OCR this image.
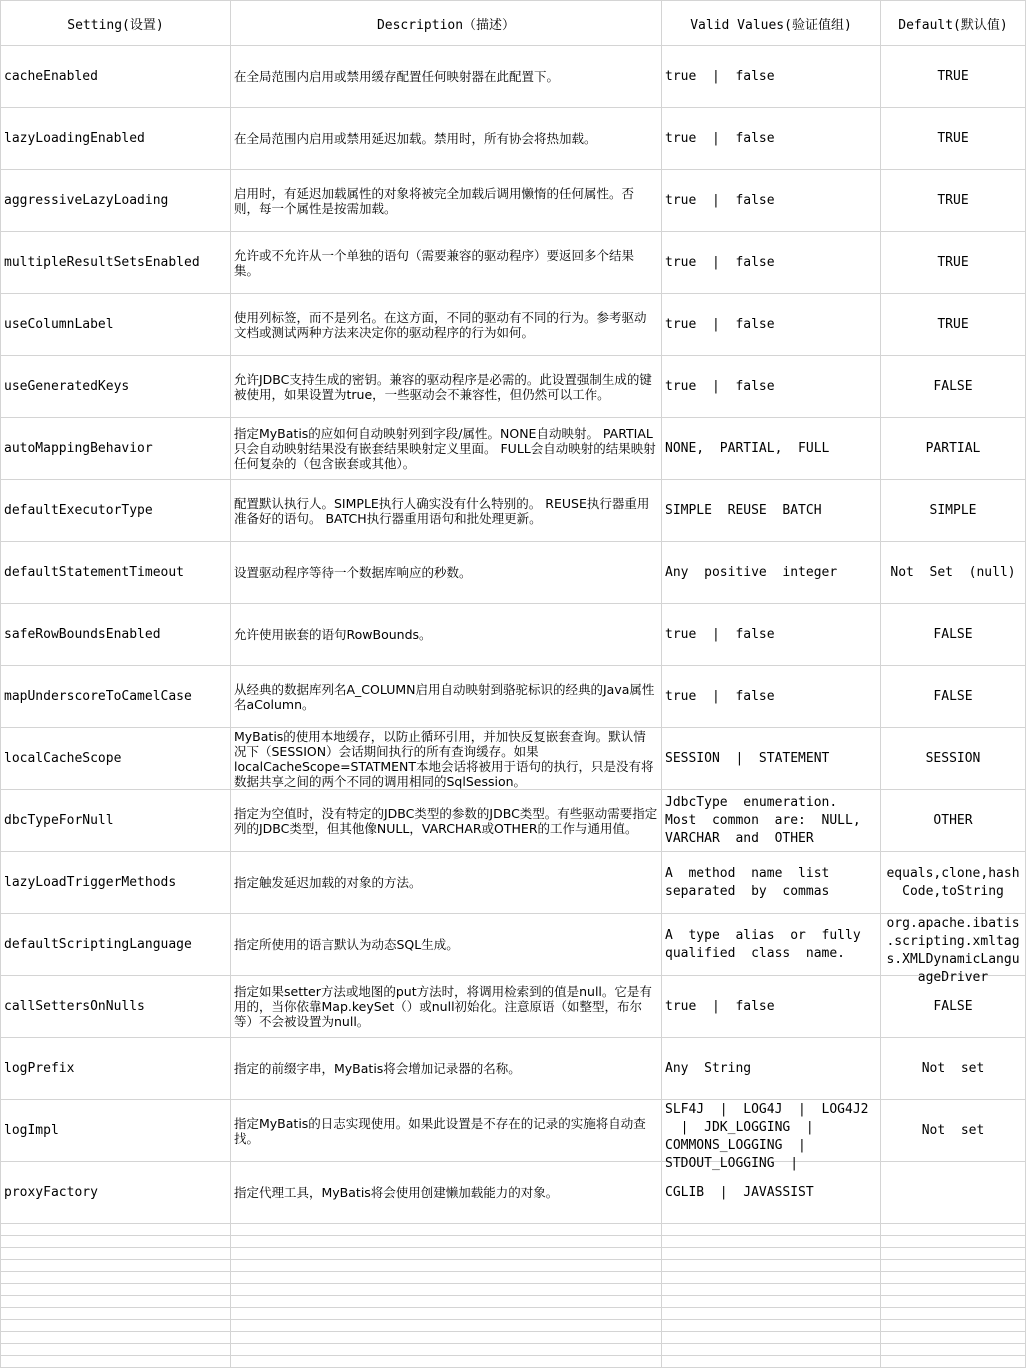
Setting(设置)	Description（描述）	Valid Values(验证值组)	Default(默认值)

cacheEnabled	在全局范围内启用或禁用缓存配置任何映射器在此配置下。	true  |  false	TRUE

lazyLoadingEnabled	在全局范围内启用或禁用延迟加载。禁用时，所有协会将热加载。	true  |  false	TRUE

aggressiveLazyLoading	启用时，有延迟加载属性的对象将被完全加载后调用懒惰的任何属性。否则，每一个属性是按需加载。	true  |  false	TRUE

multipleResultSetsEnabled	允许或不允许从一个单独的语句（需要兼容的驱动程序）要返回多个结果集。	true  |  false	TRUE

useColumnLabel	使用列标签，而不是列名。在这方面，不同的驱动有不同的行为。参考驱动文档或测试两种方法来决定你的驱动程序的行为如何。	true  |  false	TRUE

useGeneratedKeys	允许JDBC支持生成的密钥。兼容的驱动程序是必需的。此设置强制生成的键被使用，如果设置为true，一些驱动会不兼容性，但仍然可以工作。	true  |  false	FALSE

autoMappingBehavior	指定MyBatis的应如何自动映射列到字段/属性。NONE自动映射。 PARTIAL只会自动映射结果没有嵌套结果映射定义里面。 FULL会自动映射的结果映射任何复杂的（包含嵌套或其他）。	NONE,  PARTIAL,  FULL	PARTIAL

defaultExecutorType	配置默认执行人。SIMPLE执行人确实没有什么特别的。 REUSE执行器重用准备好的语句。 BATCH执行器重用语句和批处理更新。	SIMPLE  REUSE  BATCH	SIMPLE

defaultStatementTimeout	设置驱动程序等待一个数据库响应的秒数。	Any  positive  integer	Not  Set  (null)

safeRowBoundsEnabled	允许使用嵌套的语句RowBounds。	true  |  false	FALSE

mapUnderscoreToCamelCase	从经典的数据库列名A_COLUMN启用自动映射到骆驼标识的经典的Java属性名aColumn。	true  |  false	FALSE

localCacheScope	MyBatis的使用本地缓存，以防止循环引用，并加快反复嵌套查询。默认情况下（SESSION）会话期间执行的所有查询缓存。如果localCacheScope=STATMENT本地会话将被用于语句的执行，只是没有将数据共享之间的两个不同的调用相同的SqlSession。	SESSION  |  STATEMENT	SESSION

dbcTypeForNull	指定为空值时，没有特定的JDBC类型的参数的JDBC类型。有些驱动需要指定列的JDBC类型，但其他像NULL，VARCHAR或OTHER的工作与通用值。	JdbcType  enumeration.
Most  common  are:  NULL,
VARCHAR  and  OTHER	OTHER

lazyLoadTriggerMethods	指定触发延迟加载的对象的方法。	A  method  name  list
separated  by  commas	equals,clone,hash
Code,toString

defaultScriptingLanguage	指定所使用的语言默认为动态SQL生成。	A  type  alias  or  fully
qualified  class  name.	org.apache.ibatis
.scripting.xmltag
s.XMLDynamicLangu
ageDriver

callSettersOnNulls	指定如果setter方法或地图的put方法时，将调用检索到的值是null。它是有用的，当你依靠Map.keySet（）或null初始化。注意原语（如整型，布尔等）不会被设置为null。	true  |  false	FALSE

logPrefix	指定的前缀字串，MyBatis将会增加记录器的名称。	Any  String	Not  set

logImpl	指定MyBatis的日志实现使用。如果此设置是不存在的记录的实施将自动查找。	SLF4J  |  LOG4J  |  LOG4J2
|  JDK_LOGGING  |
COMMONS_LOGGING  |
STDOUT_LOGGING  |	Not  set

proxyFactory	指定代理工具，MyBatis将会使用创建懒加载能力的对象。	CGLIB  |  JAVASSIST	
